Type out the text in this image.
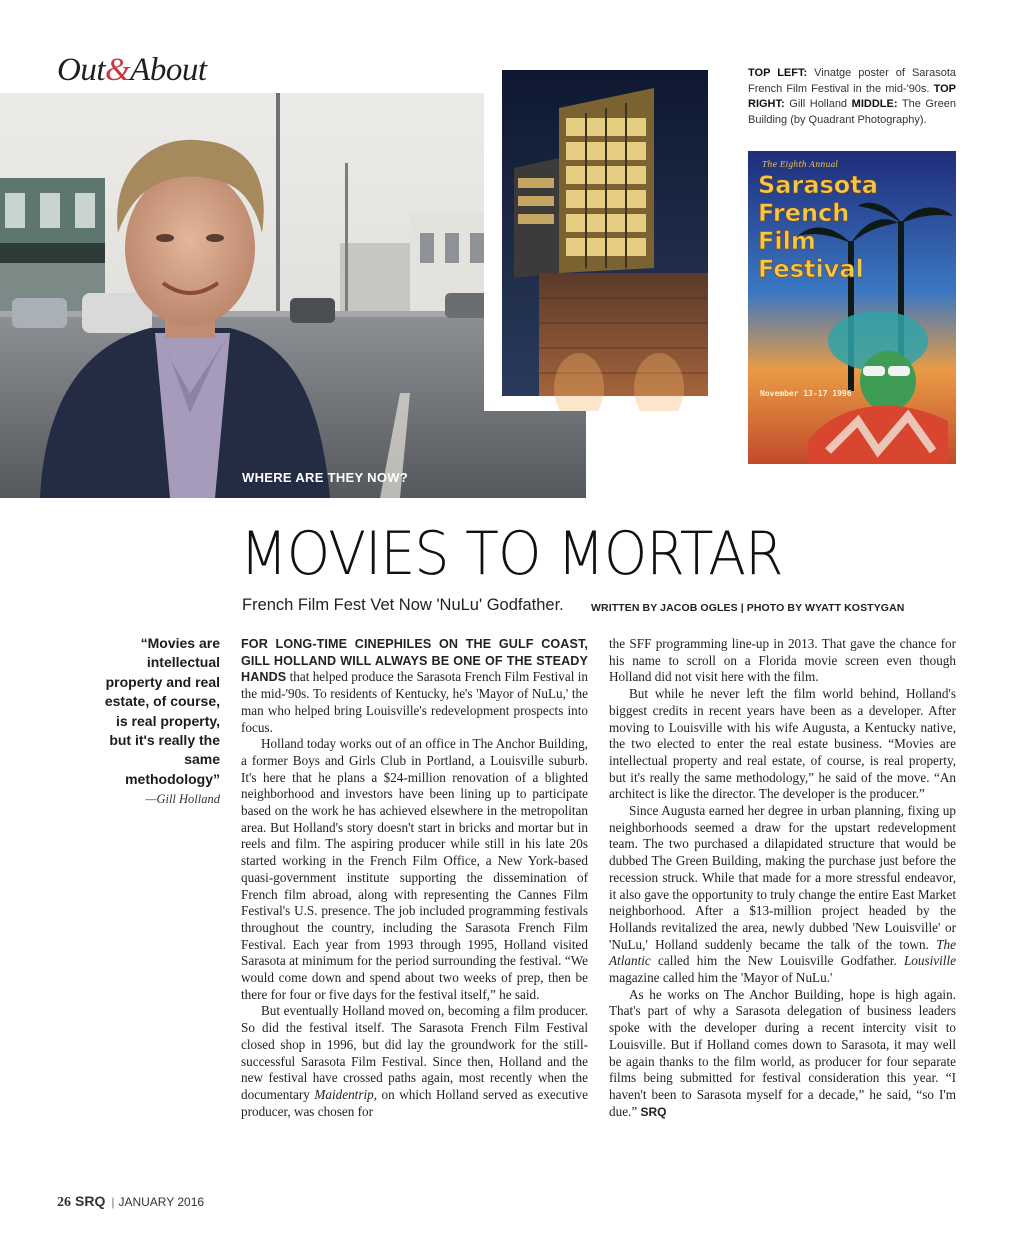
Out&About
The Eighth Annual
Sarasota
French
Film
Festival
November 13-17 1996
WHERE ARE THEY NOW?
TOP LEFT: Vinatge poster of Sarasota French Film Festival in the mid-'90s. TOP RIGHT: Gill Holland MIDDLE: The Green Building (by Quadrant Photography).
MOVIES TO MORTAR
French Film Fest Vet Now 'NuLu' Godfather.	WRITTEN BY JACOB OGLES | PHOTO BY WYATT KOSTYGAN
“Movies are intellectual property and real estate, of course, is real property, but it's really the same methodology”
—Gill Holland

FOR LONG-TIME CINEPHILES ON THE GULF COAST, GILL HOLLAND WILL ALWAYS BE ONE OF THE STEADY HANDS that helped produce the Sarasota French Film Festival in the mid-'90s. To residents of Kentucky, he's 'Mayor of NuLu,' the man who helped bring Louisville's redevelopment prospects into focus.

Holland today works out of an office in The Anchor Building, a former Boys and Girls Club in Portland, a Louisville suburb. It's here that he plans a $24-million renovation of a blighted neighborhood and investors have been lining up to participate based on the work he has achieved elsewhere in the metropolitan area. But Holland's story doesn't start in bricks and mortar but in reels and film. The aspiring producer while still in his late 20s started working in the French Film Office, a New York-based quasi-government institute supporting the dissemination of French film abroad, along with representing the Cannes Film Festival's U.S. presence. The job included programming festivals throughout the country, including the Sarasota French Film Festival. Each year from 1993 through 1995, Holland visited Sarasota at minimum for the period surrounding the festival. “We would come down and spend about two weeks of prep, then be there for four or five days for the festival itself,” he said.

But eventually Holland moved on, becoming a film producer. So did the festival itself. The Sarasota French Film Festival closed shop in 1996, but did lay the groundwork for the still-successful Sarasota Film Festival. Since then, Holland and the new festival have crossed paths again, most recently when the documentary Maidentrip, on which Holland served as executive producer, was chosen for

the SFF programming line-up in 2013. That gave the chance for his name to scroll on a Florida movie screen even though Holland did not visit here with the film.

But while he never left the film world behind, Holland's biggest credits in recent years have been as a developer. After moving to Louisville with his wife Augusta, a Kentucky native, the two elected to enter the real estate business. “Movies are intellectual property and real estate, of course, is real property, but it's really the same methodology,” he said of the move. “An architect is like the director. The developer is the producer.”

Since Augusta earned her degree in urban planning, fixing up neighborhoods seemed a draw for the upstart redevelopment team. The two purchased a dilapidated structure that would be dubbed The Green Building, making the purchase just before the recession struck. While that made for a more stressful endeavor, it also gave the opportunity to truly change the entire East Market neighborhood. After a $13-million project headed by the Hollands revitalized the area, newly dubbed 'New Louisville' or 'NuLu,' Holland suddenly became the talk of the town. The Atlantic called him the New Louisville Godfather. Lousiville magazine called him the 'Mayor of NuLu.'

As he works on The Anchor Building, hope is high again. That's part of why a Sarasota delegation of business leaders spoke with the developer during a recent intercity visit to Louisville. But if Holland comes down to Sarasota, it may well be again thanks to the film world, as producer for four separate films being submitted for festival consideration this year. “I haven't been to Sarasota myself for a decade,” he said, “so I'm due.” SRQ

26 SRQ | JANUARY 2016
